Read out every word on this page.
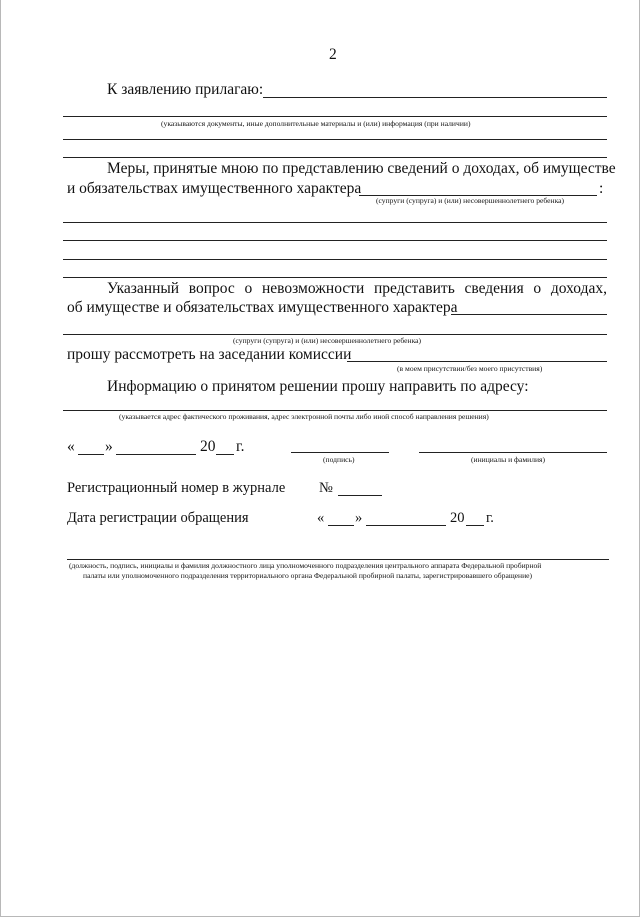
2
К заявлению прилагаю:
(указываются документы, иные дополнительные материалы и (или) информация (при наличии)
Меры, принятые мною по представлению сведений о доходах, об имуществе
и обязательствах имущественного характера	:
(супруги (супруга) и (или) несовершеннолетнего ребенка)
Указанный вопрос о невозможности представить сведения о доходах,
об имуществе и обязательствах имущественного характера
(супруги (супруга) и (или) несовершеннолетнего ребенка)
прошу рассмотреть на заседании комиссии
(в моем присутствии/без моего присутствия)
Информацию о принятом решении прошу направить по адресу:
(указывается адрес фактического проживания, адрес электронной почты либо иной способ направления решения)
« »	20 г.
(подпись)	(инициалы и фамилия)
Регистрационный номер в журнале №
Дата регистрации обращения	« »	20 г.
(должность, подпись, инициалы и фамилия должностного лица уполномоченного подразделения центрального аппарата Федеральной пробирной
палаты или уполномоченного подразделения территориального органа Федеральной пробирной палаты, зарегистрировавшего обращение)
